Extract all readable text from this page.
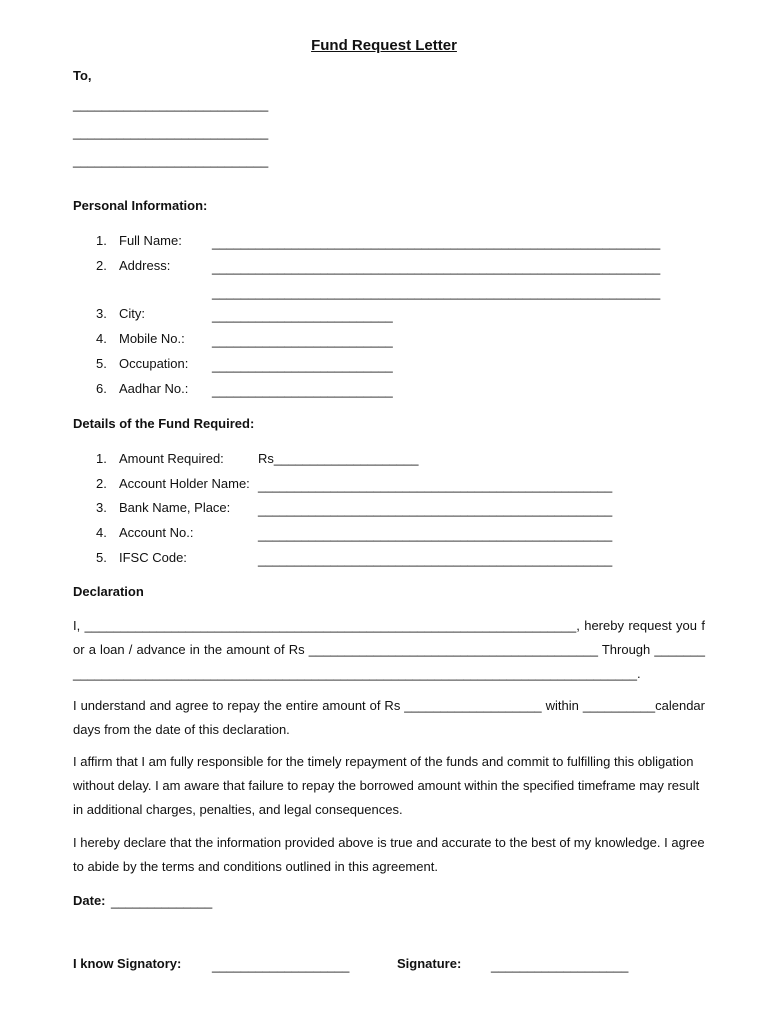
Fund Request Letter
To,
___________________________
___________________________
___________________________
Personal Information:
1. Full Name: ______________________________________________________________
2. Address:	______________________________________________________________
______________________________________________________________
3. City:	_________________________
4. Mobile No.: _________________________
5. Occupation: _________________________
6. Aadhar No.: _________________________
Details of the Fund Required:
1. Amount Required:	Rs____________________
2. Account Holder Name: _________________________________________________
3. Bank Name, Place: _________________________________________________
4. Account No.:	_________________________________________________
5. IFSC Code:	_________________________________________________
Declaration
I, ____________________________________________________________________, hereby request you for a loan / advance in the amount of Rs ________________________________________ Through _____________________________________________________________________________________.
I understand and agree to repay the entire amount of Rs ___________________ within __________calendar days from the date of this declaration.
I affirm that I am fully responsible for the timely repayment of the funds and commit to fulfilling this obligation without delay. I am aware that failure to repay the borrowed amount within the specified timeframe may result in additional charges, penalties, and legal consequences.
I hereby declare that the information provided above is true and accurate to the best of my knowledge. I agree to abide by the terms and conditions outlined in this agreement.
Date: ______________
I know Signatory: ___________________	Signature: ___________________
